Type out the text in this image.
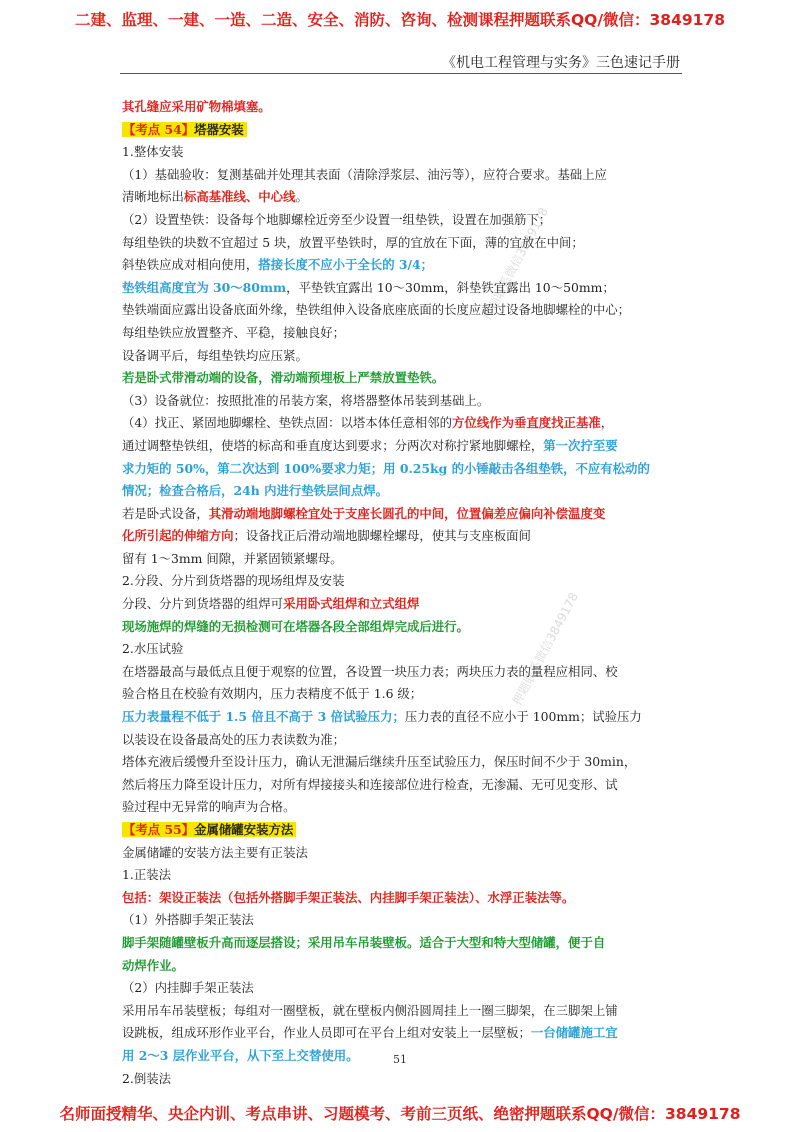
二建、监理、一建、一造、二造、安全、消防、咨询、检测课程押题联系QQ/微信：3849178
《机电工程管理与实务》三色速记手册
押题联系微信3849178
押题联系微信3849178
其孔缝应采用矿物棉填塞。
【考点 54】塔器安装
1.整体安装
（1）基础验收：复测基础并处理其表面（清除浮浆层、油污等），应符合要求。基础上应
清晰地标出标高基准线、中心线。
（2）设置垫铁：设备每个地脚螺栓近旁至少设置一组垫铁，设置在加强筋下；
每组垫铁的块数不宜超过 5 块，放置平垫铁时，厚的宜放在下面，薄的宜放在中间；
斜垫铁应成对相向使用，搭接长度不应小于全长的 3/4；
垫铁组高度宜为 30～80mm，平垫铁宜露出 10～30mm，斜垫铁宜露出 10～50mm；
垫铁端面应露出设备底面外缘，垫铁组伸入设备底座底面的长度应超过设备地脚螺栓的中心；
每组垫铁应放置整齐、平稳，接触良好；
设备调平后，每组垫铁均应压紧。
若是卧式带滑动端的设备，滑动端预埋板上严禁放置垫铁。
（3）设备就位：按照批准的吊装方案，将塔器整体吊装到基础上。
（4）找正、紧固地脚螺栓、垫铁点固：以塔本体任意相邻的方位线作为垂直度找正基准，
通过调整垫铁组，使塔的标高和垂直度达到要求；分两次对称拧紧地脚螺栓，第一次拧至要
求力矩的 50%，第二次达到 100%要求力矩；用 0.25kg 的小锤敲击各组垫铁，不应有松动的
情况；检查合格后，24h 内进行垫铁层间点焊。
若是卧式设备，其滑动端地脚螺栓宜处于支座长圆孔的中间，位置偏差应偏向补偿温度变
化所引起的伸缩方向；设备找正后滑动端地脚螺栓螺母，使其与支座板面间
留有 1～3mm 间隙，并紧固锁紧螺母。
2.分段、分片到货塔器的现场组焊及安装
分段、分片到货塔器的组焊可采用卧式组焊和立式组焊
现场施焊的焊缝的无损检测可在塔器各段全部组焊完成后进行。
2.水压试验
在塔器最高与最低点且便于观察的位置，各设置一块压力表；两块压力表的量程应相同、校
验合格且在校验有效期内，压力表精度不低于 1.6 级；
压力表量程不低于 1.5 倍且不高于 3 倍试验压力；压力表的直径不应小于 100mm；试验压力
以装设在设备最高处的压力表读数为准；
塔体充液后缓慢升至设计压力，确认无泄漏后继续升压至试验压力，保压时间不少于 30min，
然后将压力降至设计压力，对所有焊接接头和连接部位进行检查，无渗漏、无可见变形、试
验过程中无异常的响声为合格。
【考点 55】金属储罐安装方法
金属储罐的安装方法主要有正装法
1.正装法
包括：架设正装法（包括外搭脚手架正装法、内挂脚手架正装法）、水浮正装法等。
（1）外搭脚手架正装法
脚手架随罐壁板升高而逐层搭设；采用吊车吊装壁板。适合于大型和特大型储罐，便于自
动焊作业。
（2）内挂脚手架正装法
采用吊车吊装壁板；每组对一圈壁板，就在壁板内侧沿圆周挂上一圈三脚架，在三脚架上铺
设跳板，组成环形作业平台，作业人员即可在平台上组对安装上一层壁板；一台储罐施工宜
用 2～3 层作业平台，从下至上交替使用。
2.倒装法
51
名师面授精华、央企内训、考点串讲、习题模考、考前三页纸、绝密押题联系QQ/微信：3849178
